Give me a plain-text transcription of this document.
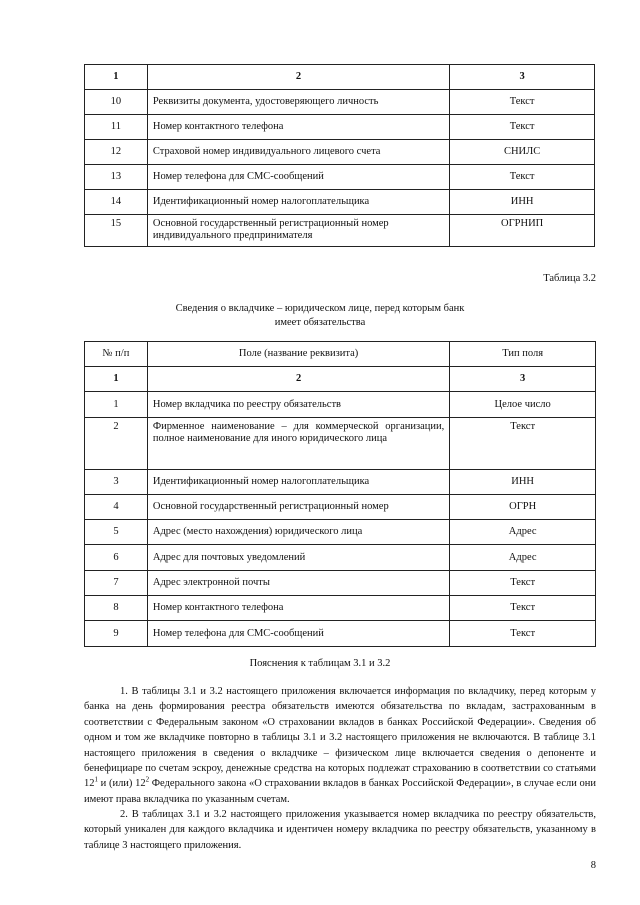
1	2	3
10	Реквизиты документа, удостоверяющего личность	Текст
11	Номер контактного телефона	Текст
12	Страховой номер индивидуального лицевого счета	СНИЛС
13	Номер телефона для СМС-сообщений	Текст
14	Идентификационный номер налогоплательщика	ИНН
15	Основной государственный регистрационный номер индивидуального предпринимателя	ОГРНИП
Таблица 3.2
Сведения о вкладчике – юридическом лице, перед которым банк
имеет обязательства
№ п/п	Поле (название реквизита)	Тип поля
1	2	3
1	Номер вкладчика по реестру обязательств	Целое число
2	Фирменное наименование – для коммерческой организации, полное наименование для иного юридического лица	Текст
3	Идентификационный номер налогоплательщика	ИНН
4	Основной государственный регистрационный номер	ОГРН
5	Адрес (место нахождения) юридического лица	Адрес
6	Адрес для почтовых уведомлений	Адрес
7	Адрес электронной почты	Текст
8	Номер контактного телефона	Текст
9	Номер телефона для СМС-сообщений	Текст
Пояснения к таблицам 3.1 и 3.2

1. В таблицы 3.1 и 3.2 настоящего приложения включается информация по вкладчику, перед которым у банка на день формирования реестра обязательств имеются обязательства по вкладам, застрахованным в соответствии с Федеральным законом «О страховании вкладов в банках Российской Федерации». Сведения об одном и том же вкладчике повторно в таблицы 3.1 и 3.2 настоящего приложения не включаются. В таблице 3.1 настоящего приложения в сведения о вкладчике – физическом лице включается сведения о депоненте и бенефициаре по счетам эскроу, денежные средства на которых подлежат страхованию в соответствии со статьями $12^1$ и (или) $12^2$ Федерального закона «О страховании вкладов в банках Российской Федерации», в случае если они имеют права вкладчика по указанным счетам.

2. В таблицах 3.1 и 3.2 настоящего приложения указывается номер вкладчика по реестру обязательств, который уникален для каждого вкладчика и идентичен номеру вкладчика по реестру обязательств, указанному в таблице 3 настоящего приложения.

8
